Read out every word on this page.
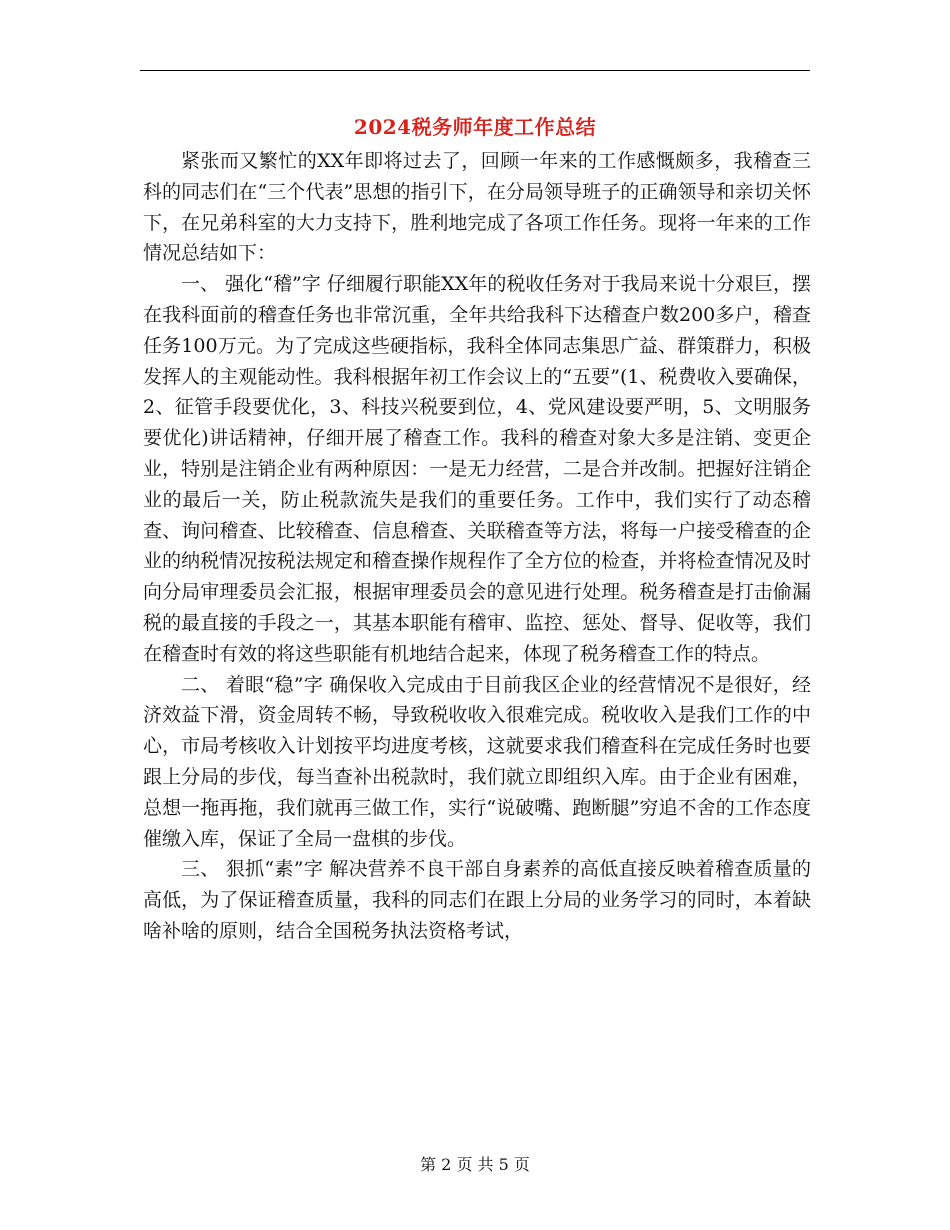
2024税务师年度工作总结

紧张而又繁忙的XX年即将过去了，回顾一年来的工作感慨颇多，我稽查三科的同志们在“三个代表”思想的指引下，在分局领导班子的正确领导和亲切关怀下，在兄弟科室的大力支持下，胜利地完成了各项工作任务。现将一年来的工作情况总结如下：

一、 强化“稽”字 仔细履行职能XX年的税收任务对于我局来说十分艰巨，摆在我科面前的稽查任务也非常沉重，全年共给我科下达稽查户数200多户，稽查任务100万元。为了完成这些硬指标，我科全体同志集思广益、群策群力，积极发挥人的主观能动性。我科根据年初工作会议上的“五要”(1、税费收入要确保，2、征管手段要优化，3、科技兴税要到位，4、党风建设要严明，5、文明服务要优化)讲话精神，仔细开展了稽查工作。我科的稽查对象大多是注销、变更企业，特别是注销企业有两种原因：一是无力经营，二是合并改制。把握好注销企业的最后一关，防止税款流失是我们的重要任务。工作中，我们实行了动态稽查、询问稽查、比较稽查、信息稽查、关联稽查等方法，将每一户接受稽查的企业的纳税情况按税法规定和稽查操作规程作了全方位的检查，并将检查情况及时向分局审理委员会汇报，根据审理委员会的意见进行处理。税务稽查是打击偷漏税的最直接的手段之一，其基本职能有稽审、监控、惩处、督导、促收等，我们在稽查时有效的将这些职能有机地结合起来，体现了税务稽查工作的特点。

二、 着眼“稳”字 确保收入完成由于目前我区企业的经营情况不是很好，经济效益下滑，资金周转不畅，导致税收收入很难完成。税收收入是我们工作的中心，市局考核收入计划按平均进度考核，这就要求我们稽查科在完成任务时也要跟上分局的步伐，每当查补出税款时，我们就立即组织入库。由于企业有困难，总想一拖再拖，我们就再三做工作，实行“说破嘴、跑断腿”穷追不舍的工作态度催缴入库，保证了全局一盘棋的步伐。

三、 狠抓“素”字 解决营养不良干部自身素养的高低直接反映着稽查质量的高低，为了保证稽查质量，我科的同志们在跟上分局的业务学习的同时，本着缺啥补啥的原则，结合全国税务执法资格考试，

第 2 页 共 5 页
